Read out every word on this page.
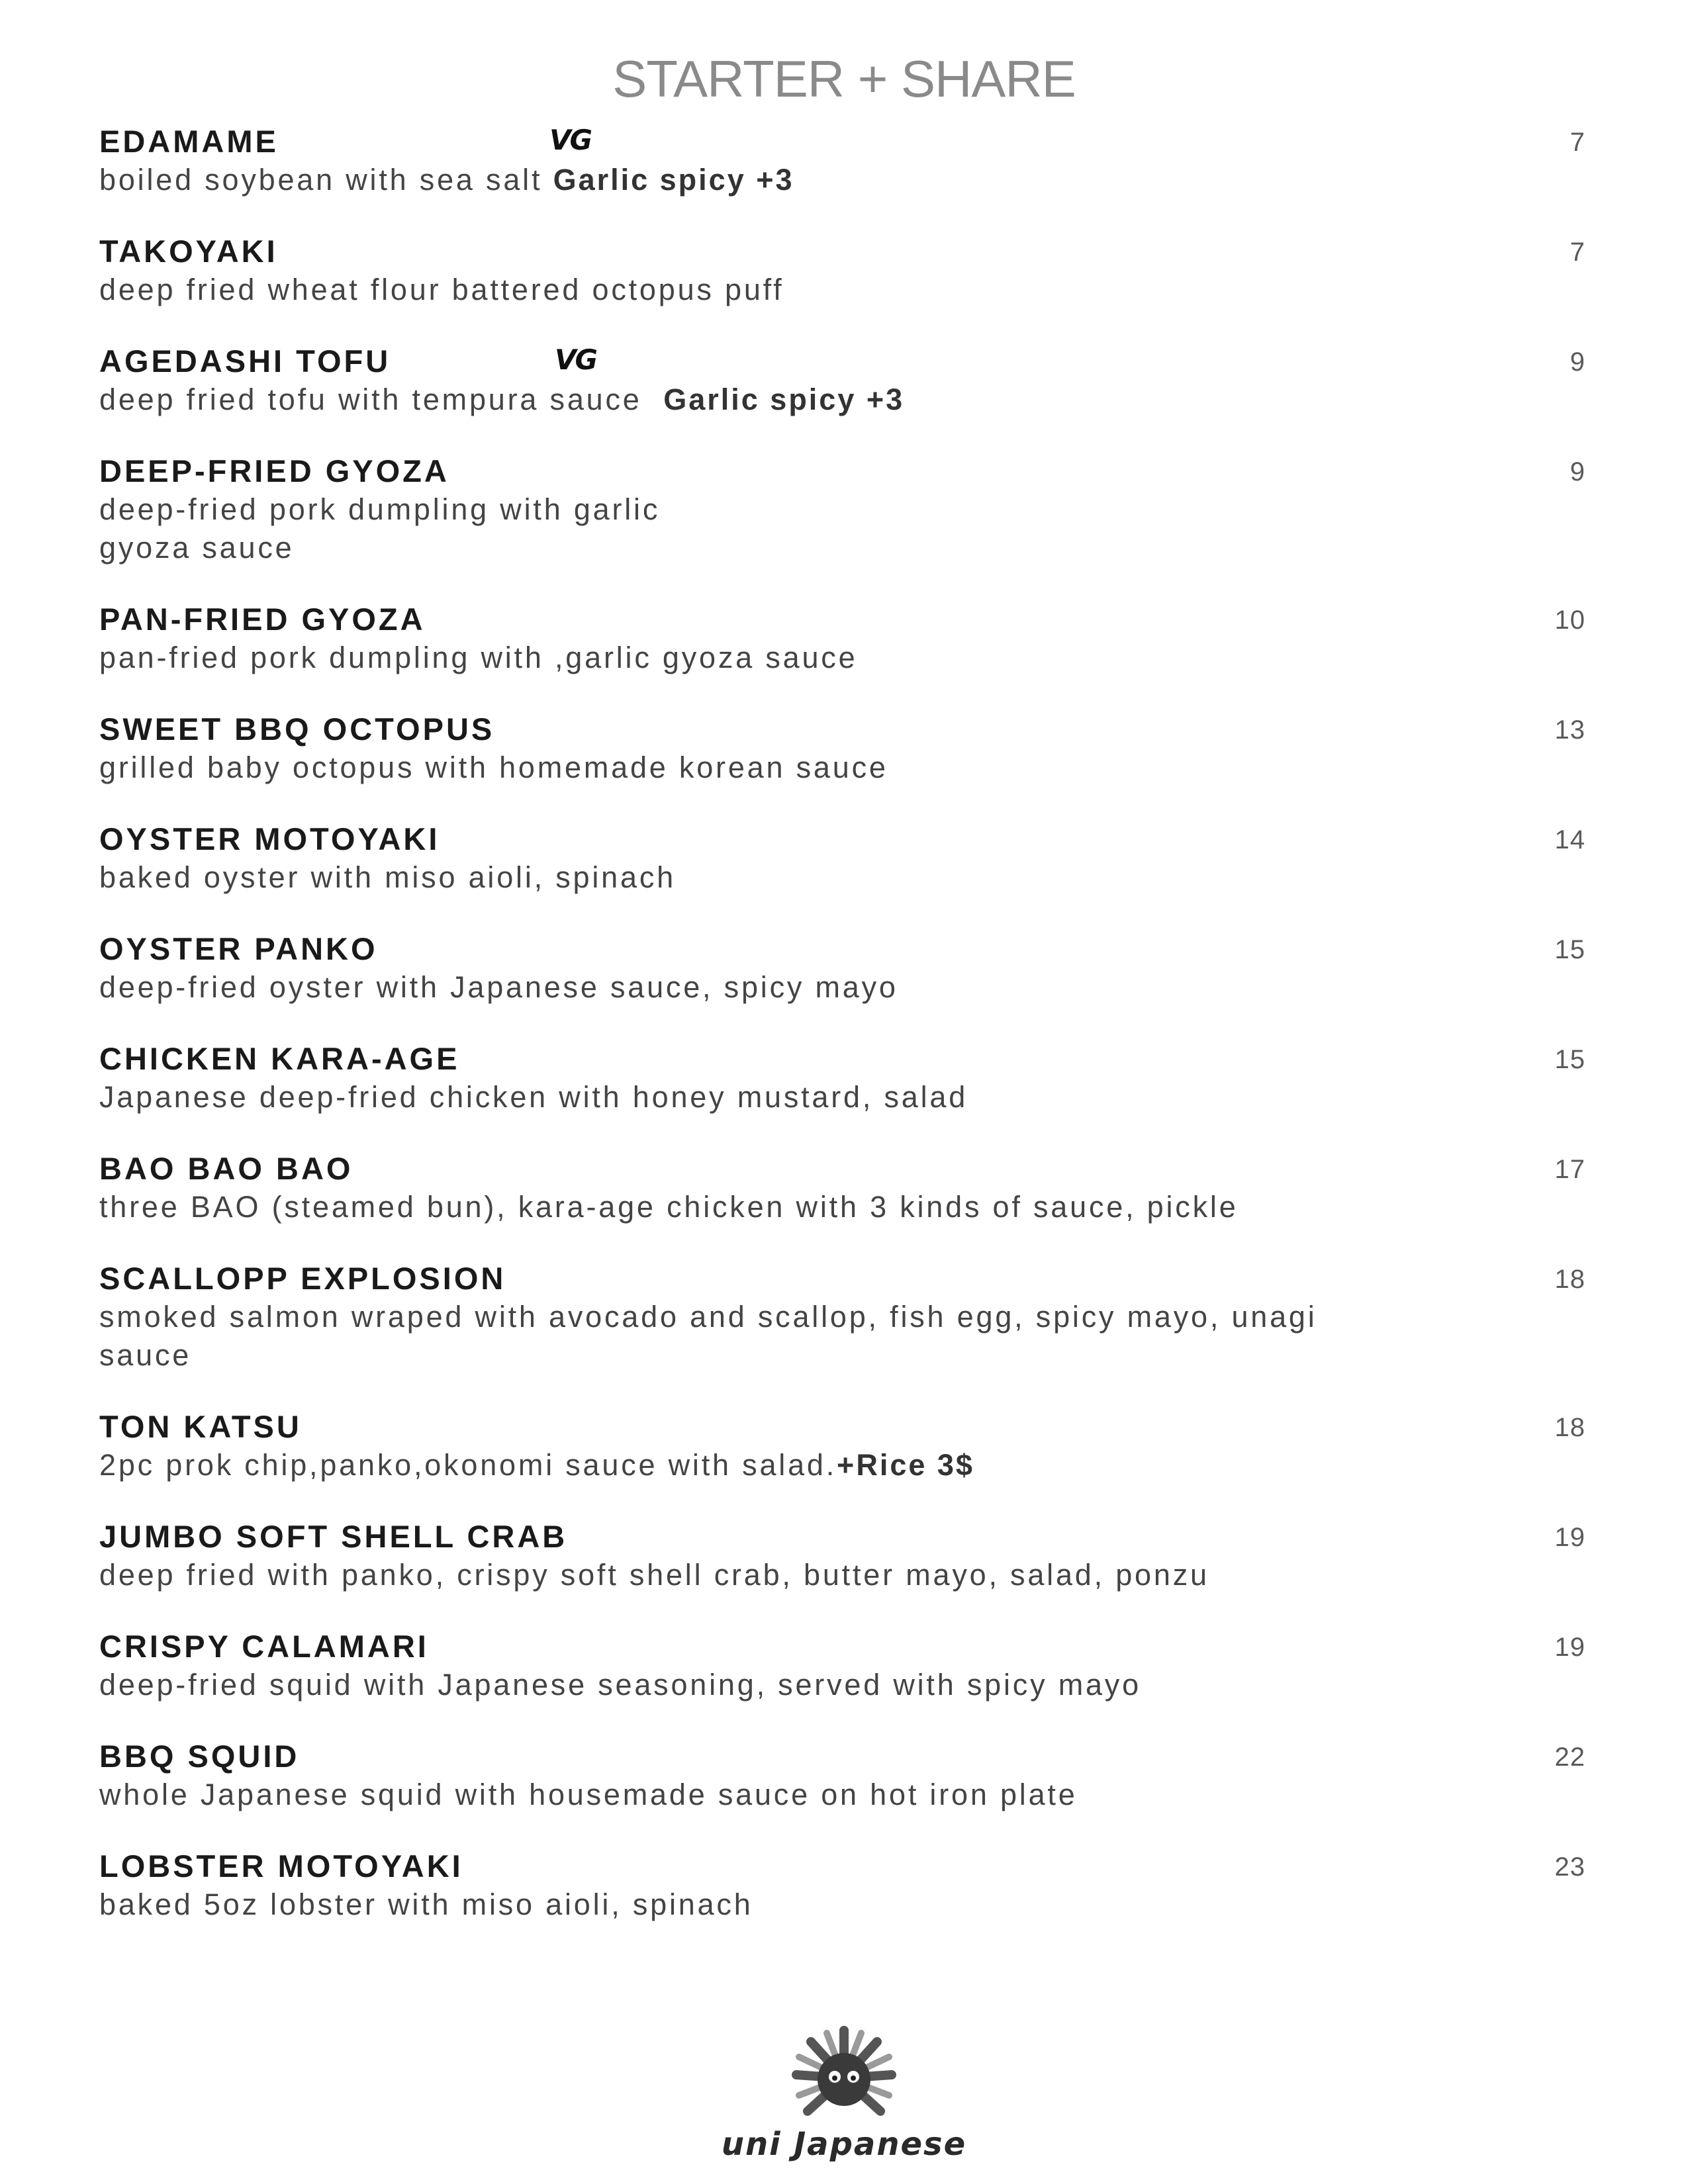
STARTER + SHARE
EDAMAME	VG	7
boiled soybean with sea salt Garlic spicy +3
TAKOYAKI	7
deep fried wheat flour battered octopus puff
AGEDASHI TOFU	VG	9
deep fried tofu with tempura sauce Garlic spicy +3
DEEP-FRIED GYOZA	9
deep-fried pork dumpling with garlic gyoza sauce
PAN-FRIED GYOZA	10
pan-fried pork dumpling with ,garlic gyoza sauce
SWEET BBQ OCTOPUS	13
grilled baby octopus with homemade korean sauce
OYSTER MOTOYAKI	14
baked oyster with miso aioli, spinach
OYSTER PANKO	15
deep-fried oyster with Japanese sauce, spicy mayo
CHICKEN KARA-AGE	15
Japanese deep-fried chicken with honey mustard, salad
BAO BAO BAO	17
three BAO (steamed bun), kara-age chicken with 3 kinds of sauce, pickle
SCALLOPP EXPLOSION	18
smoked salmon wraped with avocado and scallop, fish egg, spicy mayo, unagi sauce
TON KATSU	18
2pc prok chip,panko,okonomi sauce with salad.+Rice 3$
JUMBO SOFT SHELL CRAB	19
deep fried with panko, crispy soft shell crab, butter mayo, salad, ponzu
CRISPY CALAMARI	19
deep-fried squid with Japanese seasoning, served with spicy mayo
BBQ SQUID	22
whole Japanese squid with housemade sauce on hot iron plate
LOBSTER MOTOYAKI	23
baked 5oz lobster with miso aioli, spinach
uni Japanese
